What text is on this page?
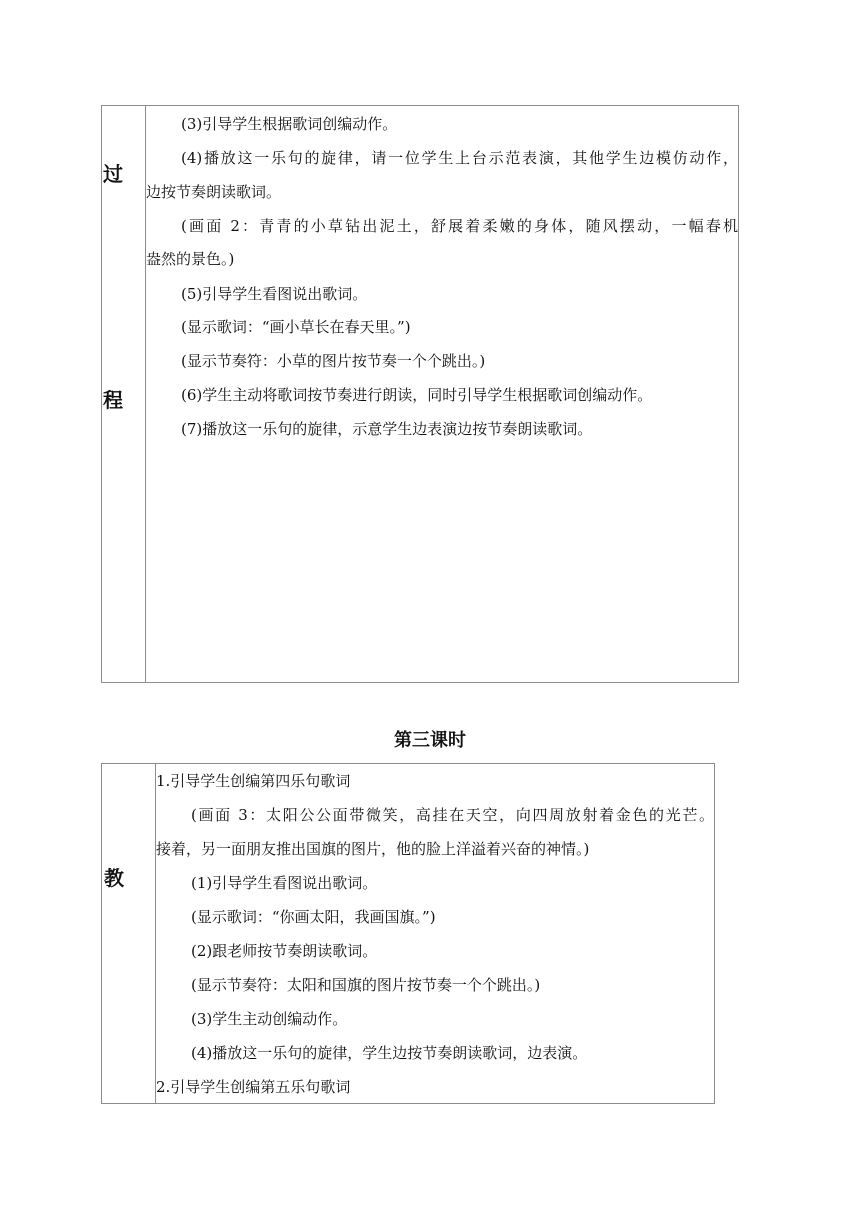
过
程
(3)引导学生根据歌词创编动作。
(4)播放这一乐句的旋律，请一位学生上台示范表演，其他学生边模仿动作，
边按节奏朗读歌词。
(画面 2：青青的小草钻出泥土，舒展着柔嫩的身体，随风摆动，一幅春机
盎然的景色。)
(5)引导学生看图说出歌词。
(显示歌词：“画小草长在春天里。”)
(显示节奏符：小草的图片按节奏一个个跳出。)
(6)学生主动将歌词按节奏进行朗读，同时引导学生根据歌词创编动作。
(7)播放这一乐句的旋律，示意学生边表演边按节奏朗读歌词。
第三课时
教
1.引导学生创编第四乐句歌词
(画面 3：太阳公公面带微笑，高挂在天空，向四周放射着金色的光芒。
接着，另一面朋友推出国旗的图片，他的脸上洋溢着兴奋的神情。)
(1)引导学生看图说出歌词。
(显示歌词：“你画太阳，我画国旗。”)
(2)跟老师按节奏朗读歌词。
(显示节奏符：太阳和国旗的图片按节奏一个个跳出。)
(3)学生主动创编动作。
(4)播放这一乐句的旋律，学生边按节奏朗读歌词，边表演。
2.引导学生创编第五乐句歌词
